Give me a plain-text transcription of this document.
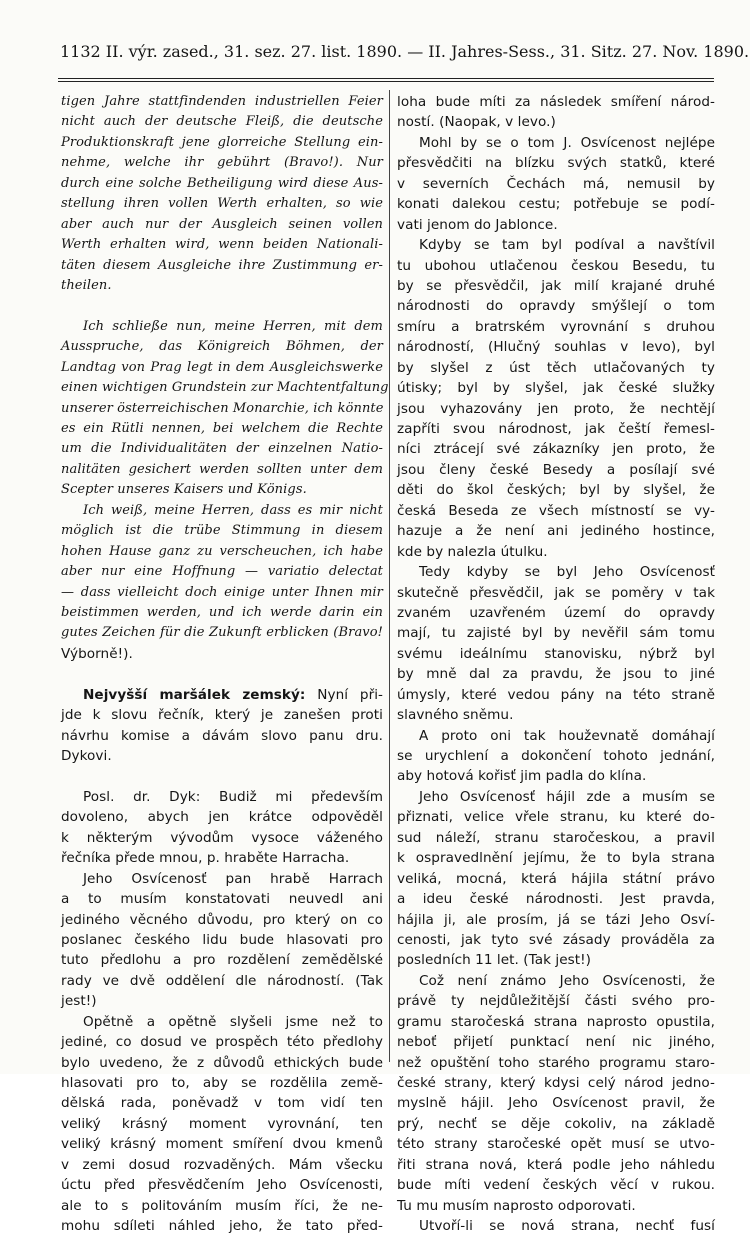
1132 II. výr. zased., 31. sez. 27. list. 1890. — II. Jahres-Sess., 31. Sitz. 27. Nov. 1890.
tigen Jahre stattfindenden industriellen Feier
nicht auch der deutsche Fleiß, die deutsche
Produktionskraft jene glorreiche Stellung ein-
nehme, welche ihr gebührt (Bravo!). Nur
durch eine solche Betheiligung wird diese Aus-
stellung ihren vollen Werth erhalten, so wie
aber auch nur der Ausgleich seinen vollen
Werth erhalten wird, wenn beiden Nationali-
täten diesem Ausgleiche ihre Zustimmung er-
theilen.
Ich schließe nun, meine Herren, mit dem
Ausspruche, das Königreich Böhmen, der
Landtag von Prag legt in dem Ausgleichswerke
einen wichtigen Grundstein zur Machtentfaltung
unserer österreichischen Monarchie, ich könnte
es ein Rütli nennen, bei welchem die Rechte
um die Individualitäten der einzelnen Natio-
nalitäten gesichert werden sollten unter dem
Scepter unseres Kaisers und Königs.
Ich weiß, meine Herren, dass es mir nicht
möglich ist die trübe Stimmung in diesem
hohen Hause ganz zu verscheuchen, ich habe
aber nur eine Hoffnung — variatio delectat
— dass vielleicht doch einige unter Ihnen mir
beistimmen werden, und ich werde darin ein
gutes Zeichen für die Zukunft erblicken (Bravo!
Výborně!).
Nejvyšší maršálek zemský: Nyní při-
jde k slovu řečník, který je zanešen proti
návrhu komise a dávám slovo panu dru.
Dykovi.
Posl. dr. Dyk: Budiž mi především
dovoleno, abych jen krátce odpověděl
k některým vývodům vysoce váženého
řečníka přede mnou, p. hraběte Harracha.
Jeho Osvícenosť pan hrabě Harrach
a to musím konstatovati neuvedl ani
jediného věcného důvodu, pro který on co
poslanec českého lidu bude hlasovati pro
tuto předlohu a pro rozdělení zemědělské
rady ve dvě oddělení dle národností. (Tak
jest!)
Opětně a opětně slyšeli jsme než to
jediné, co dosud ve prospěch této předlohy
bylo uvedeno, že z důvodů ethických bude
hlasovati pro to, aby se rozdělila země-
dělská rada, poněvadž v tom vidí ten
veliký krásný moment vyrovnání, ten
veliký krásný moment smíření dvou kmenů
v zemi dosud rozvaděných. Mám všecku
úctu před přesvědčením Jeho Osvícenosti,
ale to s politováním musím říci, že ne-
mohu sdíleti náhled jeho, že tato před-
loha bude míti za následek smíření národ-
ností. (Naopak, v levo.)
Mohl by se o tom J. Osvícenost nejlépe
přesvědčiti na blízku svých statků, které
v severních Čechách má, nemusil by
konati dalekou cestu; potřebuje se podí-
vati jenom do Jablonce.
Kdyby se tam byl podíval a navštívil
tu ubohou utlačenou českou Besedu, tu
by se přesvědčil, jak milí krajané druhé
národnosti do opravdy smýšlejí o tom
smíru a bratrském vyrovnání s druhou
národností, (Hlučný souhlas v levo), byl
by slyšel z úst těch utlačovaných ty
útisky; byl by slyšel, jak české služky
jsou vyhazovány jen proto, že nechtějí
zapříti svou národnost, jak čeští řemesl-
níci ztrácejí své zákazníky jen proto, že
jsou členy české Besedy a posílají své
děti do škol českých; byl by slyšel, že
česká Beseda ze všech místností se vy-
hazuje a že není ani jediného hostince,
kde by nalezla útulku.
Tedy kdyby se byl Jeho Osvícenosť
skutečně přesvědčil, jak se poměry v tak
zvaném uzavřeném území do opravdy
mají, tu zajisté byl by nevěřil sám tomu
svému ideálnímu stanovisku, nýbrž byl
by mně dal za pravdu, že jsou to jiné
úmysly, které vedou pány na této straně
slavného sněmu.
A proto oni tak houževnatě domáhají
se urychlení a dokončení tohoto jednání,
aby hotová kořisť jim padla do klína.
Jeho Osvícenosť hájil zde a musím se
přiznati, velice vřele stranu, ku které do-
sud náleží, stranu staročeskou, a pravil
k ospravedlnění jejímu, že to byla strana
veliká, mocná, která hájila státní právo
a ideu české národnosti. Jest pravda,
hájila ji, ale prosím, já se tázi Jeho Osví-
cenosti, jak tyto své zásady prováděla za
posledních 11 let. (Tak jest!)
Což není známo Jeho Osvícenosti, že
právě ty nejdůležitější části svého pro-
gramu staročeská strana naprosto opustila,
neboť přijetí punktací není nic jiného,
než opuštění toho starého programu staro-
české strany, který kdysi celý národ jedno-
myslně hájil. Jeho Osvícenost pravil, že
prý, nechť se děje cokoliv, na základě
této strany staročeské opět musí se utvo-
řiti strana nová, která podle jeho náhledu
bude míti vedení českých věcí v rukou.
Tu mu musím naprosto odporovati.
Utvoří-li se nová strana, nechť fusí
